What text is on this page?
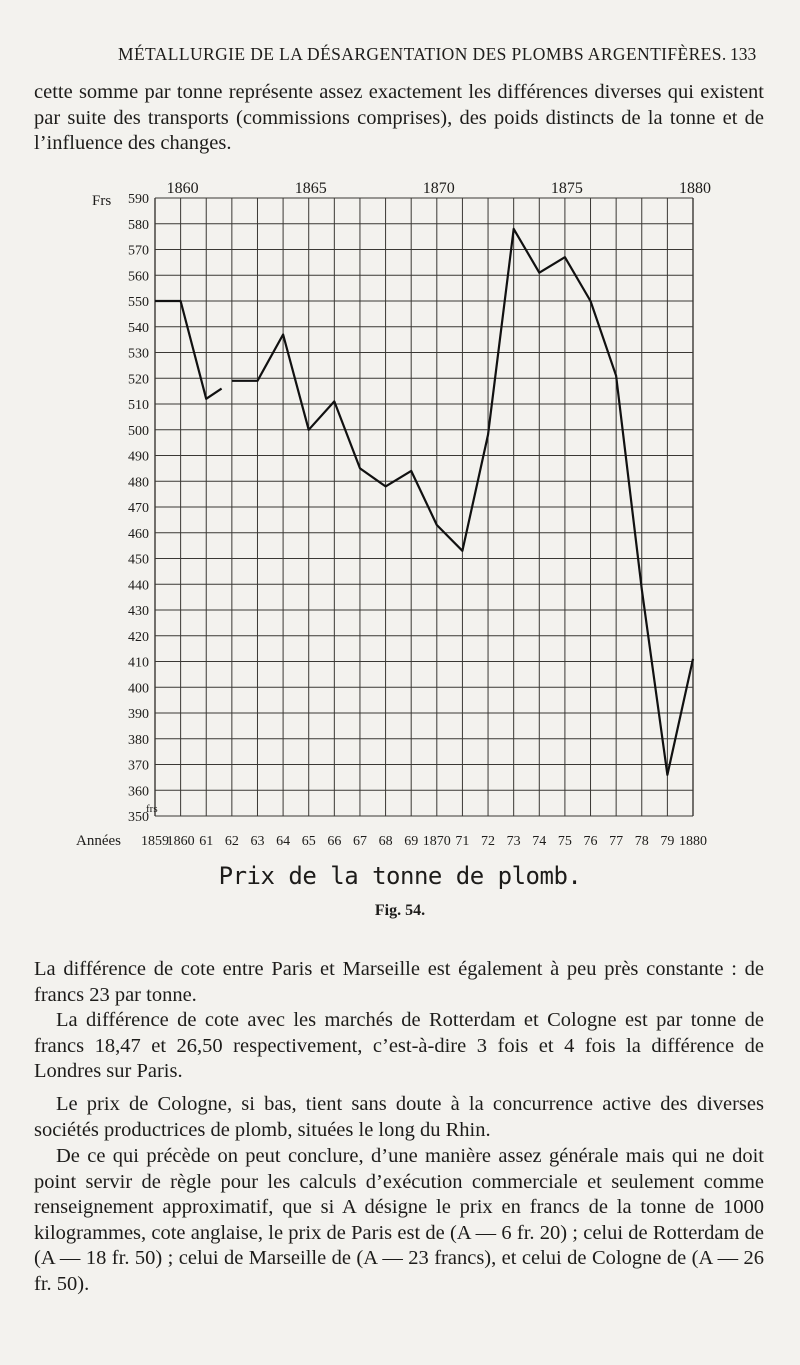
MÉTALLURGIE DE LA DÉSARGENTATION DES PLOMBS ARGENTIFÈRES. 133

cette somme par tonne représente assez exactement les différences diverses qui existent par suite des transports (commissions comprises), des poids distincts de la tonne et de l’influence des changes.

350
360
370
380
390
400
410
420
430
440
450
460
470
480
490
500
510
520
530
540
550
560
570
580
590
1859
1860 61 62 63 64 65 66 67 68 69 1870 71 72 73 74 75 76 77 78 79 1880
1860	1865	1870	1875	1880
Frs
frs
Années
Prix de la tonne de plomb.
Fig. 54.

La différence de cote entre Paris et Marseille est également à peu près constante : de francs 23 par tonne.

La différence de cote avec les marchés de Rotterdam et Cologne est par tonne de francs 18,47 et 26,50 respectivement, c’est-à-dire 3 fois et 4 fois la différence de Londres sur Paris.

Le prix de Cologne, si bas, tient sans doute à la concurrence active des diverses sociétés productrices de plomb, situées le long du Rhin.

De ce qui précède on peut conclure, d’une manière assez générale mais qui ne doit point servir de règle pour les calculs d’exécution commerciale et seulement comme renseignement approximatif, que si A désigne le prix en francs de la tonne de 1000 kilogrammes, cote anglaise, le prix de Paris est de (A — 6 fr. 20) ; celui de Rotterdam de (A — 18 fr. 50) ; celui de Marseille de (A — 23 francs), et celui de Cologne de (A — 26 fr. 50).
